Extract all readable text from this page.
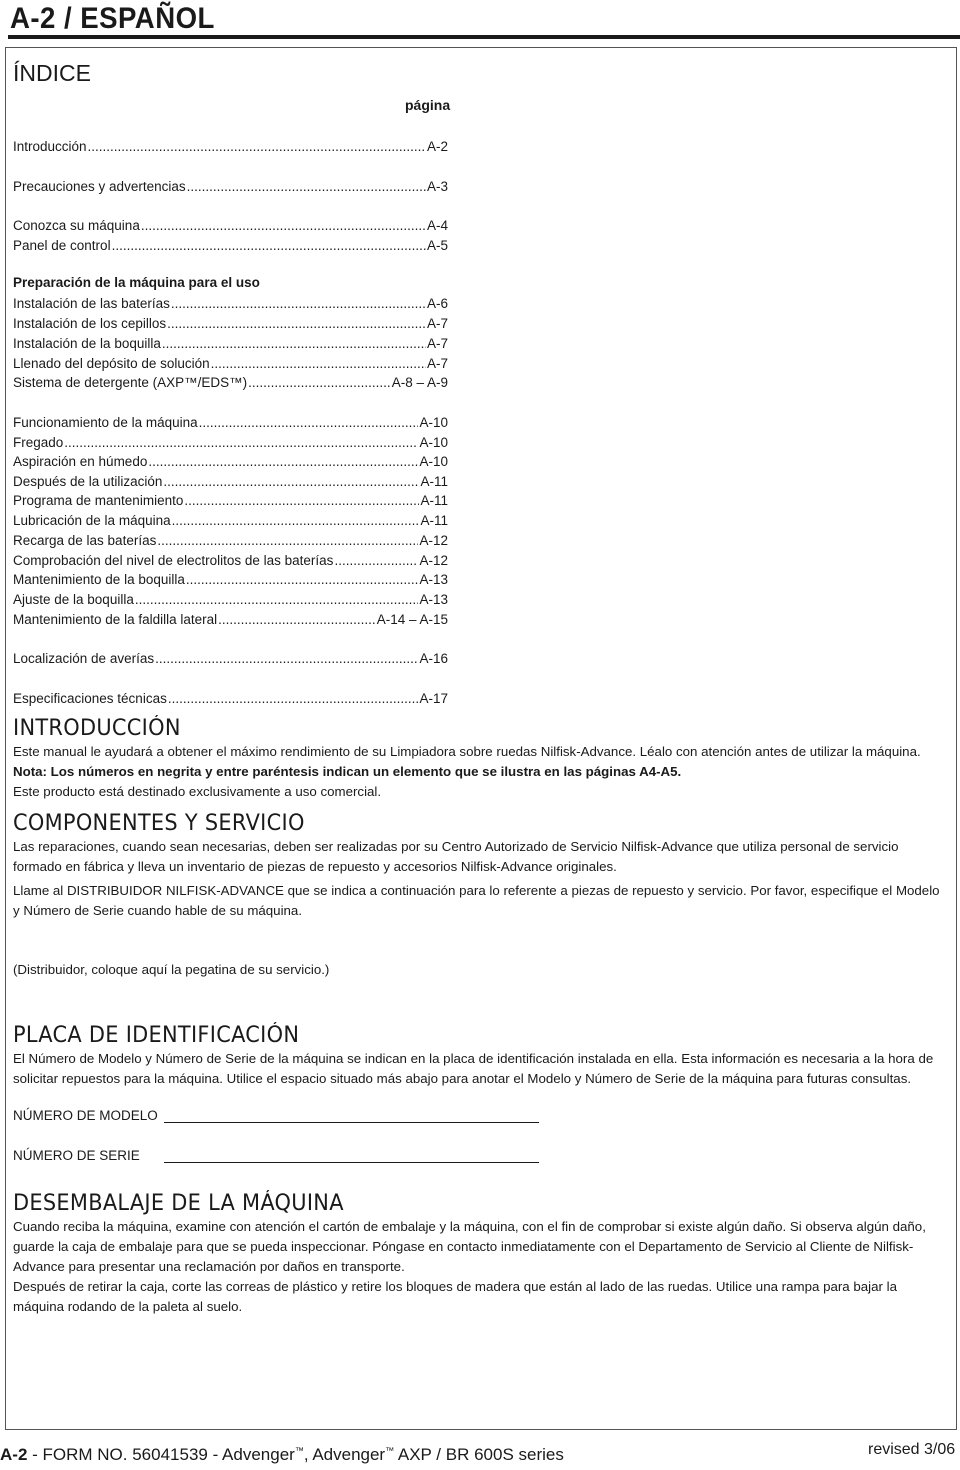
A-2 / ESPAÑOL
ÍNDICE
página
Introducción .....	A-2
Precauciones y advertencias .....	A-3
Conozca su máquina .....	A-4
Panel de control .....	A-5
Preparación de la máquina para el uso
Instalación de las baterías .....	A-6
Instalación de los cepillos .....	A-7
Instalación de la boquilla .....	A-7
Llenado del depósito de solución .....	A-7
Sistema de detergente (AXP™/EDS™) .....	A-8 – A-9
Funcionamiento de la máquina .....	A-10
Fregado .....	A-10
Aspiración en húmedo .....	A-10
Después de la utilización .....	A-11
Programa de mantenimiento .....	A-11
Lubricación de la máquina .....	A-11
Recarga de las baterías .....	A-12
Comprobación del nivel de electrolitos de las baterías .....	A-12
Mantenimiento de la boquilla .....	A-13
Ajuste de la boquilla .....	A-13
Mantenimiento de la faldilla lateral .....	A-14 – A-15
Localización de averías .....	A-16
Especificaciones técnicas .....	A-17
INTRODUCCIÓN
Este manual le ayudará a obtener el máximo rendimiento de su Limpiadora sobre ruedas Nilfisk-Advance. Léalo con atención antes de utilizar la máquina.
Nota: Los números en negrita y entre paréntesis indican un elemento que se ilustra en las páginas A4-A5.
Este producto está destinado exclusivamente a uso comercial.
COMPONENTES Y SERVICIO
Las reparaciones, cuando sean necesarias, deben ser realizadas por su Centro Autorizado de Servicio Nilfisk-Advance que utiliza personal de servicio formado en fábrica y lleva un inventario de piezas de repuesto y accesorios Nilfisk-Advance originales.
Llame al DISTRIBUIDOR NILFISK-ADVANCE que se indica a continuación para lo referente a piezas de repuesto y servicio. Por favor, especifique el Modelo y Número de Serie cuando hable de su máquina.
(Distribuidor, coloque aquí la pegatina de su servicio.)
PLACA DE IDENTIFICACIÓN
El Número de Modelo y Número de Serie de la máquina se indican en la placa de identificación instalada en ella. Esta información es necesaria a la hora de solicitar repuestos para la máquina. Utilice el espacio situado más abajo para anotar el Modelo y Número de Serie de la máquina para futuras consultas.
NÚMERO DE MODELO
NÚMERO DE SERIE
DESEMBALAJE DE LA MÁQUINA
Cuando reciba la máquina, examine con atención el cartón de embalaje y la máquina, con el fin de comprobar si existe algún daño. Si observa algún daño, guarde la caja de embalaje para que se pueda inspeccionar. Póngase en contacto inmediatamente con el Departamento de Servicio al Cliente de Nilfisk-Advance para presentar una reclamación por daños en transporte.
Después de retirar la caja, corte las correas de plástico y retire los bloques de madera que están al lado de las ruedas. Utilice una rampa para bajar la máquina rodando de la paleta al suelo.
A-2 - FORM NO. 56041539 - Advenger™, Advenger™ AXP / BR 600S series	revised 3/06
